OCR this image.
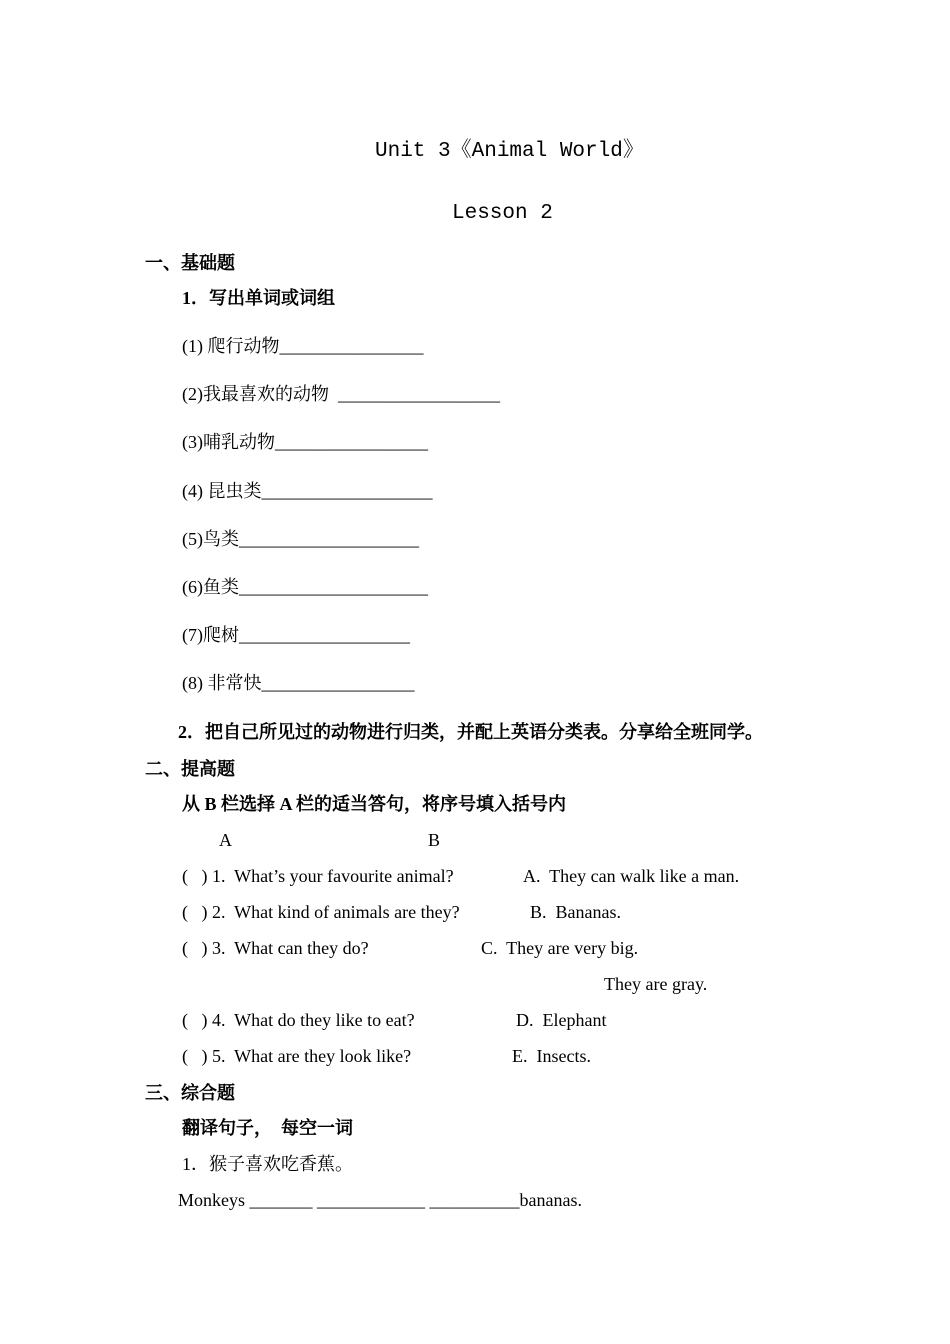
Unit 3《Animal World》
Lesson 2
一、基础题
1．写出单词或词组
(1) 爬行动物________________
(2)我最喜欢的动物  __________________
(3)哺乳动物_________________
(4) 昆虫类___________________
(5)鸟类____________________
(6)鱼类_____________________
(7)爬树___________________
(8) 非常快_________________
2．把自己所见过的动物进行归类，并配上英语分类表。分享给全班同学。
二、提高题
从 B 栏选择 A 栏的适当答句，将序号填入括号内
A	B
(   ) 1.  What’s your favourite animal?	A.  They can walk like a man.
(   ) 2.  What kind of animals are they?	B.  Bananas.
(   ) 3.  What can they do?	C.  They are very big.
They are gray.
(   ) 4.  What do they like to eat?	D.  Elephant
(   ) 5.  What are they look like?	E.  Insects.
三、综合题
翻译句子，  每空一词
1．猴子喜欢吃香蕉。
Monkeys _______ ____________ __________bananas.
